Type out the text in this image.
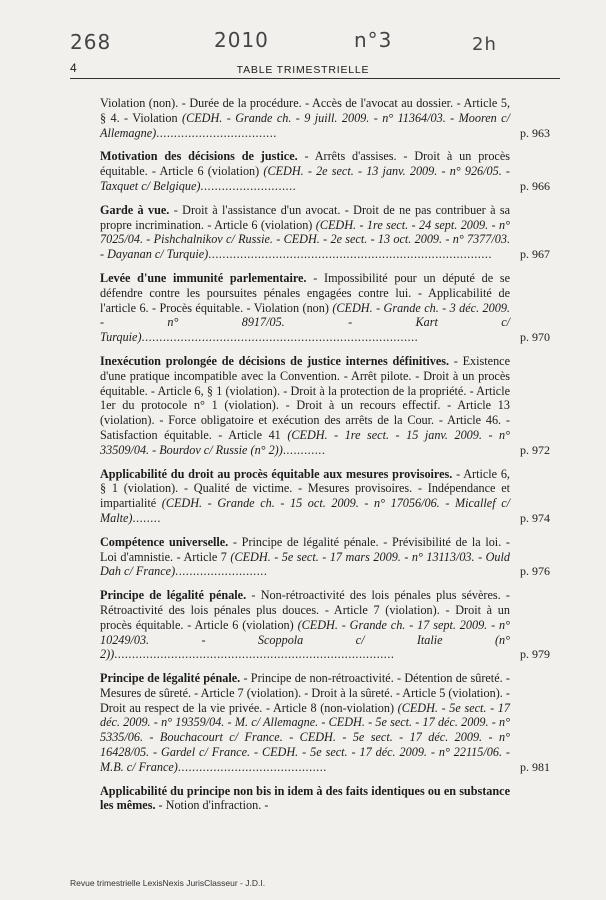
268	2010	n°3	2h
4	TABLE TRIMESTRIELLE
Violation (non). - Durée de la procédure. - Accès de l'avocat au dossier. - Article 5, § 4. - Violation (CEDH. - Grande ch. - 9 juill. 2009. - n° 11364/03. - Mooren c/ Allemagne)..................................	p. 963
Motivation des décisions de justice. - Arrêts d'assises. - Droit à un procès équitable. - Article 6 (violation) (CEDH. - 2e sect. - 13 janv. 2009. - n° 926/05. - Taxquet c/ Belgique)...........................	p. 966
Garde à vue. - Droit à l'assistance d'un avocat. - Droit de ne pas contribuer à sa propre incrimination. - Article 6 (violation) (CEDH. - 1re sect. - 24 sept. 2009. - n° 7025/04. - Pishchalnikov c/ Russie. - CEDH. - 2e sect. - 13 oct. 2009. - n° 7377/03. - Dayanan c/ Turquie)................................................................................ p. 967
Levée d'une immunité parlementaire. - Impossibilité pour un député de se défendre contre les poursuites pénales engagées contre lui. - Applicabilité de l'article 6. - Procès équitable. - Violation (non) (CEDH. - Grande ch. - 3 déc. 2009. - n° 8917/05. - Kart c/ Turquie)..............................................................................	p. 970
Inexécution prolongée de décisions de justice internes définitives. - Existence d'une pratique incompatible avec la Convention. - Arrêt pilote. - Droit à un procès équitable. - Article 6, § 1 (violation). - Droit à la protection de la propriété. - Article 1er du protocole n° 1 (violation). - Droit à un recours effectif. - Article 13 (violation). - Force obligatoire et exécution des arrêts de la Cour. - Article 46. - Satisfaction équitable. - Article 41 (CEDH. - 1re sect. - 15 janv. 2009. - n° 33509/04. - Bourdov c/ Russie (n° 2))............	p. 972
Applicabilité du droit au procès équitable aux mesures provisoires. - Article 6, § 1 (violation). - Qualité de victime. - Mesures provisoires. - Indépendance et impartialité (CEDH. - Grande ch. - 15 oct. 2009. - n° 17056/06. - Micallef c/ Malte)........	p. 974
Compétence universelle. - Principe de légalité pénale. - Prévisibilité de la loi. - Loi d'amnistie. - Article 7 (CEDH. - 5e sect. - 17 mars 2009. - n° 13113/03. - Ould Dah c/ France)..........................	p. 976
Principe de légalité pénale. - Non-rétroactivité des lois pénales plus sévères. - Rétroactivité des lois pénales plus douces. - Article 7 (violation). - Droit à un procès équitable. - Article 6 (violation) (CEDH. - Grande ch. - 17 sept. 2009. - n° 10249/03. - Scoppola c/ Italie (n° 2))...............................................................................	p. 979
Principe de légalité pénale. - Principe de non-rétroactivité. - Détention de sûreté. - Mesures de sûreté. - Article 7 (violation). - Droit à la sûreté. - Article 5 (violation). - Droit au respect de la vie privée. - Article 8 (non-violation) (CEDH. - 5e sect. - 17 déc. 2009. - n° 19359/04. - M. c/ Allemagne. - CEDH. - 5e sect. - 17 déc. 2009. - n° 5335/06. - Bouchacourt c/ France. - CEDH. - 5e sect. - 17 déc. 2009. - n° 16428/05. - Gardel c/ France. - CEDH. - 5e sect. - 17 déc. 2009. - n° 22115/06. - M.B. c/ France)..........................................	p. 981
Applicabilité du principe non bis in idem à des faits identiques ou en substance les mêmes. - Notion d'infraction. -
Revue trimestrielle LexisNexis JurisClasseur - J.D.I.
